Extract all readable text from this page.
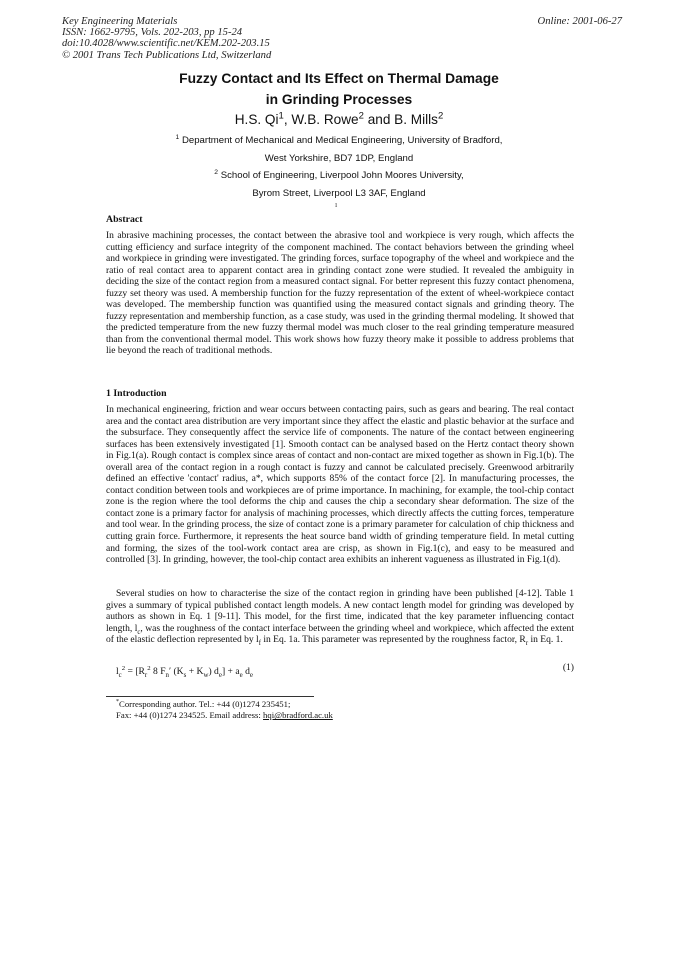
Key Engineering Materials
ISSN: 1662-9795, Vols. 202-203, pp 15-24
doi:10.4028/www.scientific.net/KEM.202-203.15
© 2001 Trans Tech Publications Ltd, Switzerland
Online: 2001-06-27
Fuzzy Contact and Its Effect on Thermal Damage
in Grinding Processes
H.S. Qi$^1$, W.B. Rowe$^2$ and B. Mills$^2$
$^1$ Department of Mechanical and Medical Engineering, University of Bradford,
West Yorkshire, BD7 1DP, England
$^2$ School of Engineering, Liverpool John Moores University,
Byrom Street, Liverpool L3 3AF, England
ı
Abstract
In abrasive machining processes, the contact between the abrasive tool and workpiece is very rough, which affects the cutting efficiency and surface integrity of the component machined. The contact behaviors between the grinding wheel and workpiece in grinding were investigated. The grinding forces, surface topography of the wheel and workpiece and the ratio of real contact area to apparent contact area in grinding contact zone were studied. It revealed the ambiguity in deciding the size of the contact region from a measured contact signal. For better represent this fuzzy contact phenomena, fuzzy set theory was used. A membership function for the fuzzy representation of the extent of wheel-workpiece contact was developed. The membership function was quantified using the measured contact signals and grinding theory. The fuzzy representation and membership function, as a case study, was used in the grinding thermal modeling. It showed that the predicted temperature from the new fuzzy thermal model was much closer to the real grinding temperature measured than from the conventional thermal model. This work shows how fuzzy theory make it possible to address problems that lie beyond the reach of traditional methods.
1 Introduction
In mechanical engineering, friction and wear occurs between contacting pairs, such as gears and bearing. The real contact area and the contact area distribution are very important since they affect the elastic and plastic behavior at the surface and the subsurface. They consequently affect the service life of components. The nature of the contact between engineering surfaces has been extensively investigated [1]. Smooth contact can be analysed based on the Hertz contact theory shown in Fig.1(a). Rough contact is complex since areas of contact and non-contact are mixed together as shown in Fig.1(b). The overall area of the contact region in a rough contact is fuzzy and cannot be calculated precisely. Greenwood arbitrarily defined an effective 'contact' radius, a*, which supports 85% of the contact force [2]. In manufacturing processes, the contact condition between tools and workpieces are of prime importance. In machining, for example, the tool-chip contact zone is the region where the tool deforms the chip and causes the chip a secondary shear deformation. The size of the contact zone is a primary factor for analysis of machining processes, which directly affects the cutting forces, temperature and tool wear. In the grinding process, the size of contact zone is a primary parameter for calculation of chip thickness and cutting grain force. Furthermore, it represents the heat source band width of grinding temperature field. In metal cutting and forming, the sizes of the tool-work contact area are crisp, as shown in Fig.1(c), and easy to be measured and controlled [3]. In grinding, however, the tool-chip contact area exhibits an inherent vagueness as illustrated in Fig.1(d).
Several studies on how to characterise the size of the contact region in grinding have been published [4-12]. Table 1 gives a summary of typical published contact length models. A new contact length model for grinding was developed by authors as shown in Eq. 1 [9-11]. This model, for the first time, indicated that the key parameter influencing contact length, $l_c$, was the roughness of the contact interface between the grinding wheel and workpiece, which affected the extent of the elastic deflection represented by $l_f$ in Eq. 1a. This parameter was represented by the roughness factor, $R_r$ in Eq. 1.
$l_c^2 = [R_r^2$ 8 $F_n'$ $(K_s + K_w) d_e] + a_e$ $d_e$
(1)
*Corresponding author. Tel.: +44 (0)1274 235451;
Fax: +44 (0)1274 234525. Email address: hqi@bradford.ac.uk
